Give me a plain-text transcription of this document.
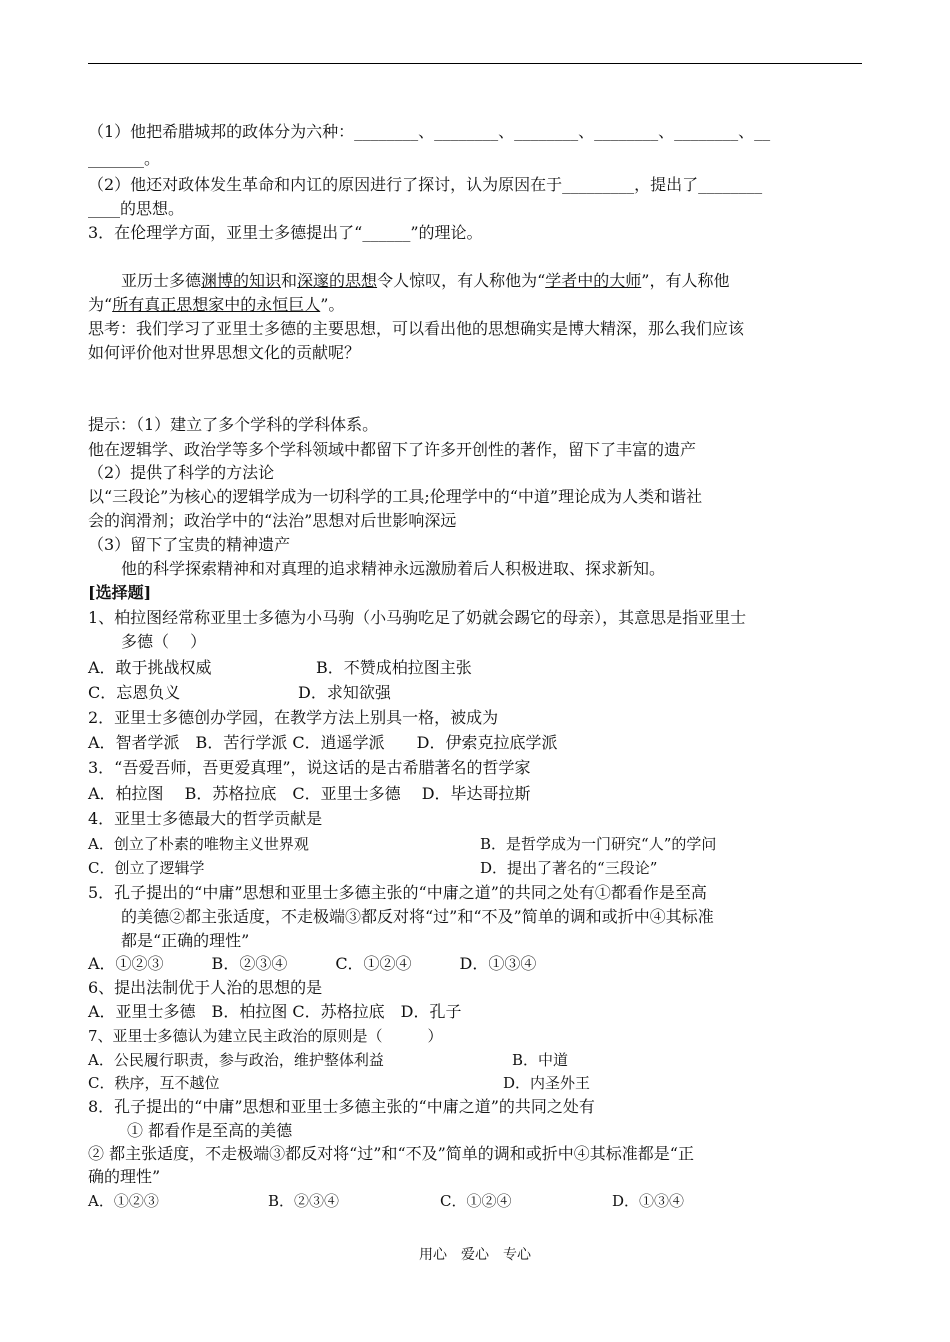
（1）他把希腊城邦的政体分为六种：________、________、________、________、________、__
_______。
（2）他还对政体发生革命和内讧的原因进行了探讨，认为原因在于_________，提出了________
____的思想。
3．在伦理学方面，亚里士多德提出了“______”的理论。
亚历士多德渊博的知识和深邃的思想令人惊叹，有人称他为“学者中的大师”，有人称他
为“所有真正思想家中的永恒巨人”。
思考：我们学习了亚里士多德的主要思想，可以看出他的思想确实是博大精深，那么我们应该
如何评价他对世界思想文化的贡献呢？
提示：（1）建立了多个学科的学科体系。
他在逻辑学、政治学等多个学科领域中都留下了许多开创性的著作，留下了丰富的遗产
（2）提供了科学的方法论
以“三段论”为核心的逻辑学成为一切科学的工具;伦理学中的“中道”理论成为人类和谐社
会的润滑剂；政治学中的“法治”思想对后世影响深远
（3）留下了宝贵的精神遗产
他的科学探索精神和对真理的追求精神永远激励着后人积极进取、探求新知。
[选择题]
1、柏拉图经常称亚里士多德为小马驹（小马驹吃足了奶就会踢它的母亲），其意思是指亚里士
多德（　 ）
A．敢于挑战权威	B．不赞成柏拉图主张
C．忘恩负义	D．求知欲强
2．亚里士多德创办学园，在教学方法上别具一格，被成为
A．智者学派　B．苦行学派 C．逍遥学派　　D．伊索克拉底学派
3．“吾爱吾师，吾更爱真理”，说这话的是古希腊著名的哲学家
A．柏拉图　 B．苏格拉底　C．亚里士多德　 D．毕达哥拉斯
4．亚里士多德最大的哲学贡献是
A．创立了朴素的唯物主义世界观	B．是哲学成为一门研究“人”的学问
C．创立了逻辑学	D．提出了著名的“三段论”
5．孔子提出的“中庸”思想和亚里士多德主张的“中庸之道”的共同之处有①都看作是至高
的美德②都主张适度，不走极端③都反对将“过”和“不及”简单的调和或折中④其标准
都是“正确的理性”
A．①②③　　　B．②③④　　　C．①②④　　　D．①③④
6、提出法制优于人治的思想的是
A．亚里士多德　B．柏拉图 C．苏格拉底　D．孔子
7、亚里士多德认为建立民主政治的原则是（　　　）
A．公民履行职责，参与政治，维护整体利益	B．中道
C．秩序，互不越位	D．内圣外王
8．孔子提出的“中庸”思想和亚里士多德主张的“中庸之道”的共同之处有
① 都看作是至高的美德
② 都主张适度，不走极端③都反对将“过”和“不及”简单的调和或折中④其标准都是“正
确的理性”
A．①②③	B．②③④	C．①②④	D．①③④
用心　爱心　专心
